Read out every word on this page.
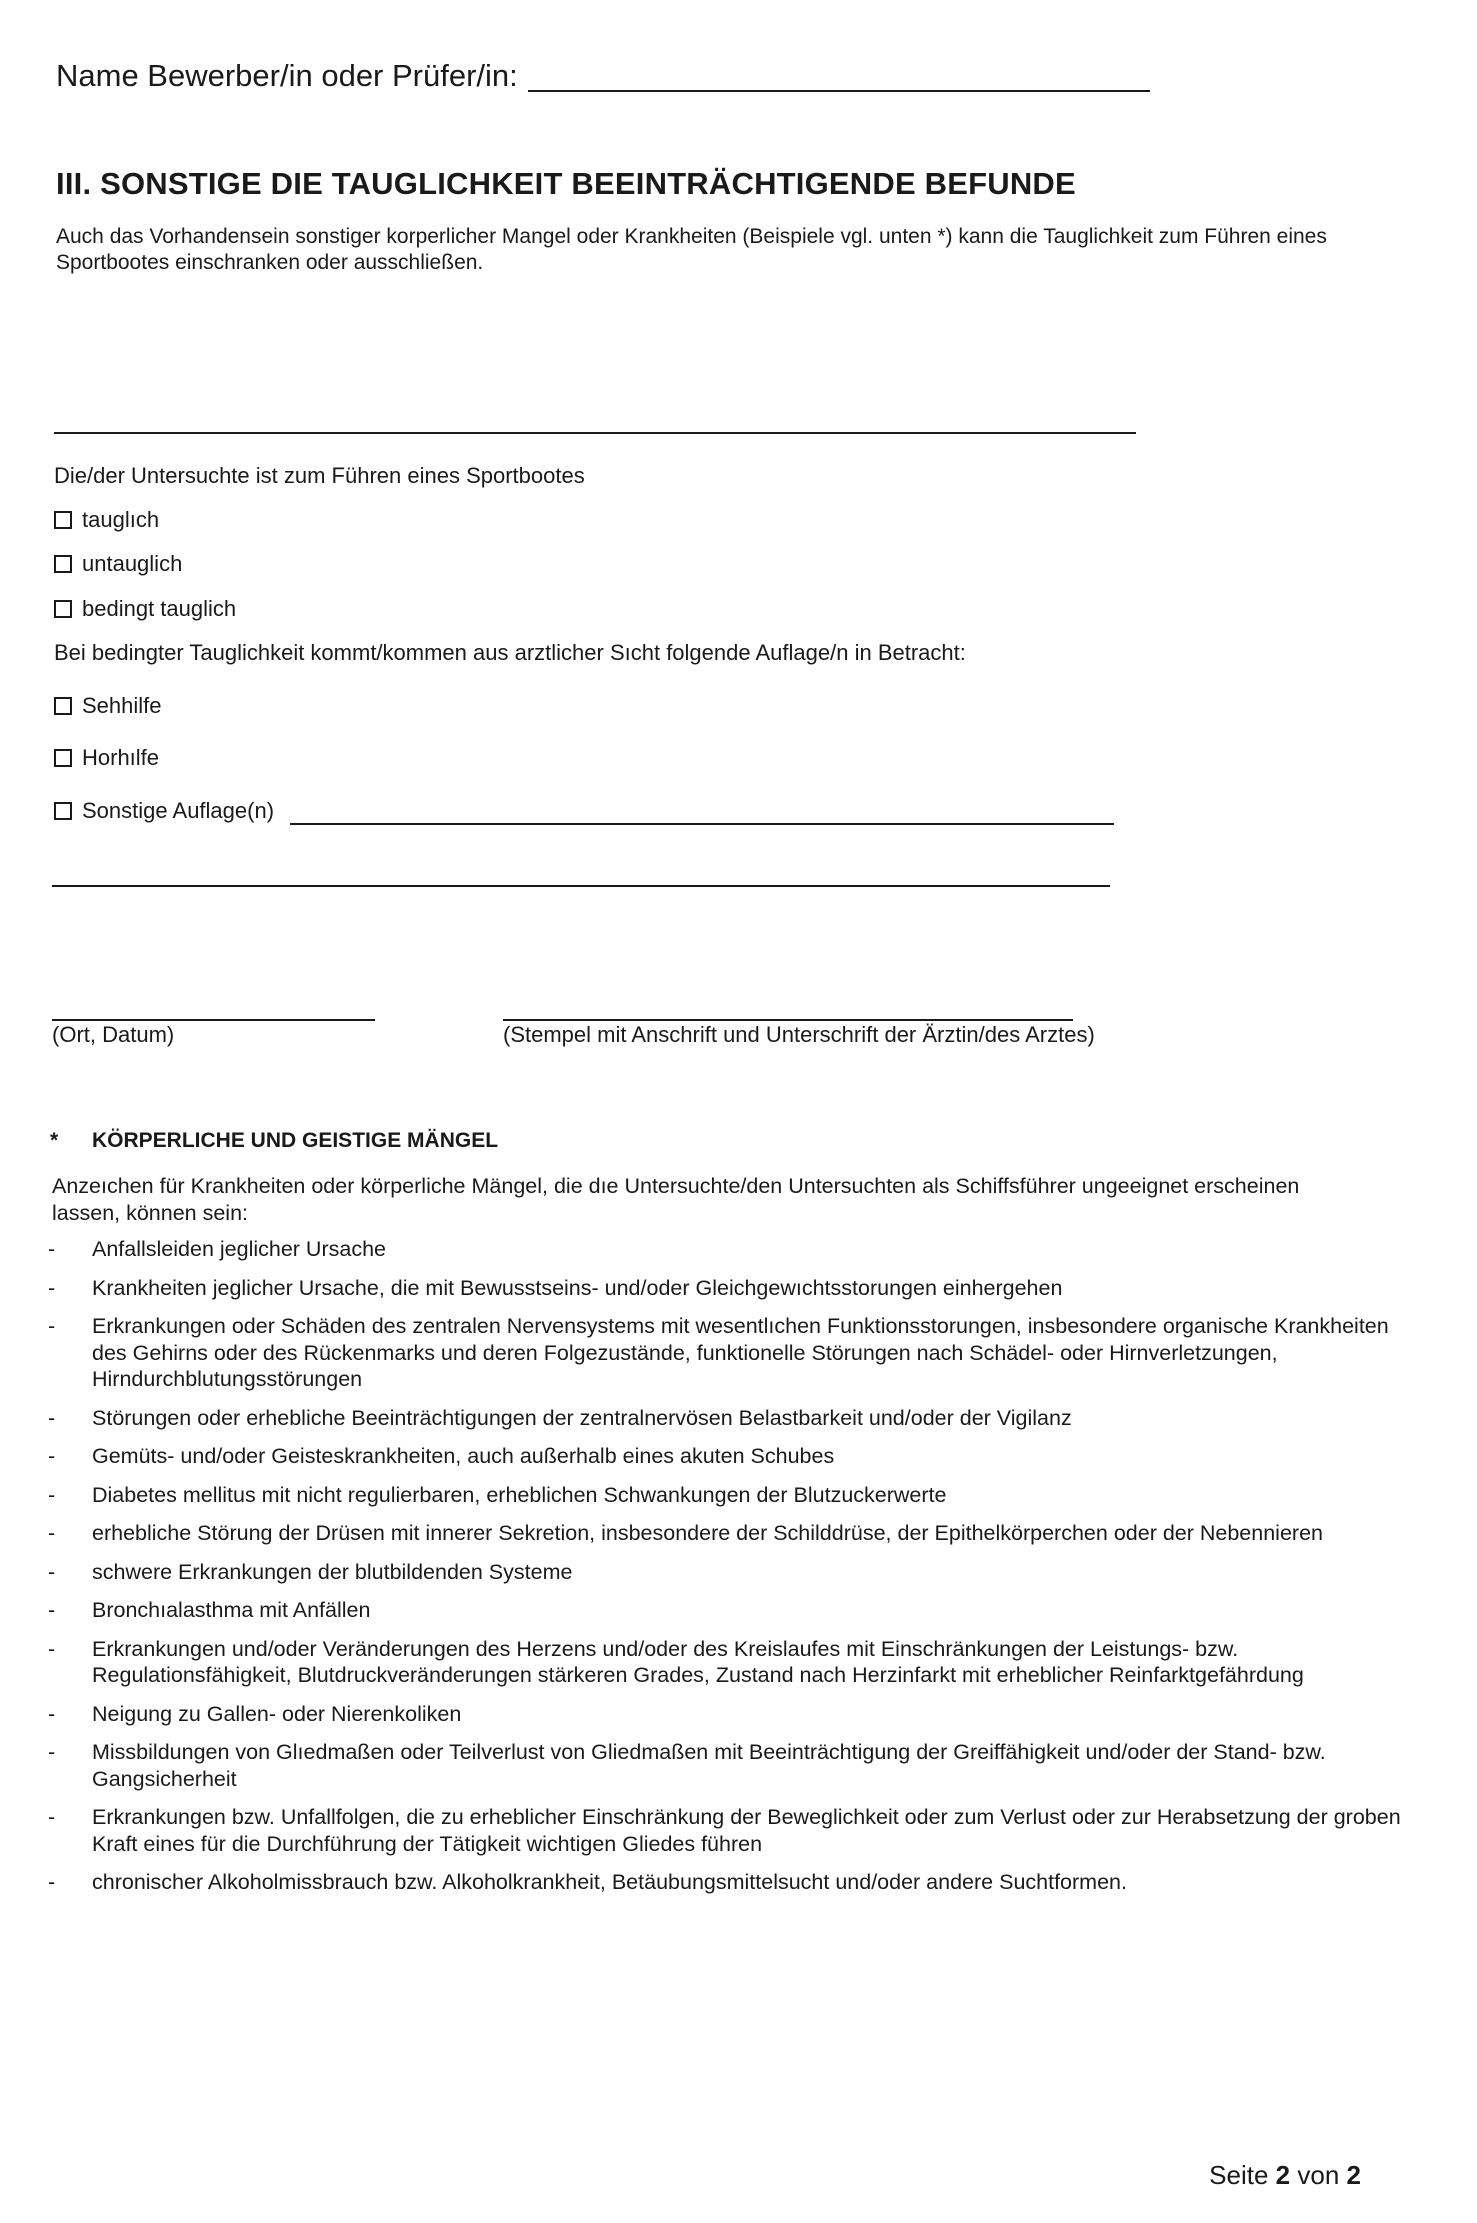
Name Bewerber/in oder Prüfer/in:
III. SONSTIGE DIE TAUGLICHKEIT BEEINTRÄCHTIGENDE BEFUNDE
Auch das Vorhandensein sonstiger korperlicher Mangel oder Krankheiten (Beispiele vgl. unten *) kann die Tauglichkeit zum Führen eines Sportbootes einschranken oder ausschließen.
Die/der Untersuchte ist zum Führen eines Sportbootes
tauglıch
untauglich
bedingt tauglich
Bei bedingter Tauglichkeit kommt/kommen aus arztlicher Sıcht folgende Auflage/n in Betracht:
Sehhilfe
Horhılfe
Sonstige Auflage(n)
(Ort, Datum)	(Stempel mit Anschrift und Unterschrift der Ärztin/des Arztes)
* KÖRPERLICHE UND GEISTIGE MÄNGEL
Anzeıchen für Krankheiten oder körperliche Mängel, die dıe Untersuchte/den Untersuchten als Schiffsführer ungeeignet erscheinen lassen, können sein:
- Anfallsleiden jeglicher Ursache
- Krankheiten jeglicher Ursache, die mit Bewusstseins- und/oder Gleichgewıchtsstorungen einhergehen
- Erkrankungen oder Schäden des zentralen Nervensystems mit wesentlıchen Funktionsstorungen, insbesondere organische Krankheiten des Gehirns oder des Rückenmarks und deren Folgezustände, funktionelle Störungen nach Schädel- oder Hirnverletzungen, Hirndurchblutungsstörungen
- Störungen oder erhebliche Beeinträchtigungen der zentralnervösen Belastbarkeit und/oder der Vigilanz
- Gemüts- und/oder Geisteskrankheiten, auch außerhalb eines akuten Schubes
- Diabetes mellitus mit nicht regulierbaren, erheblichen Schwankungen der Blutzuckerwerte
- erhebliche Störung der Drüsen mit innerer Sekretion, insbesondere der Schilddrüse, der Epithelkörperchen oder der Nebennieren
- schwere Erkrankungen der blutbildenden Systeme
- Bronchıalasthma mit Anfällen
- Erkrankungen und/oder Veränderungen des Herzens und/oder des Kreislaufes mit Einschränkungen der Leistungs- bzw. Regulationsfähigkeit, Blutdruckveränderungen stärkeren Grades, Zustand nach Herzinfarkt mit erheblicher Reinfarktgefährdung
- Neigung zu Gallen- oder Nierenkoliken
- Missbildungen von Glıedmaßen oder Teilverlust von Gliedmaßen mit Beeinträchtigung der Greiffähigkeit und/oder der Stand- bzw. Gangsicherheit
- Erkrankungen bzw. Unfallfolgen, die zu erheblicher Einschränkung der Beweglichkeit oder zum Verlust oder zur Herabsetzung der groben Kraft eines für die Durchführung der Tätigkeit wichtigen Gliedes führen
- chronischer Alkoholmissbrauch bzw. Alkoholkrankheit, Betäubungsmittelsucht und/oder andere Suchtformen.
Seite 2 von 2
